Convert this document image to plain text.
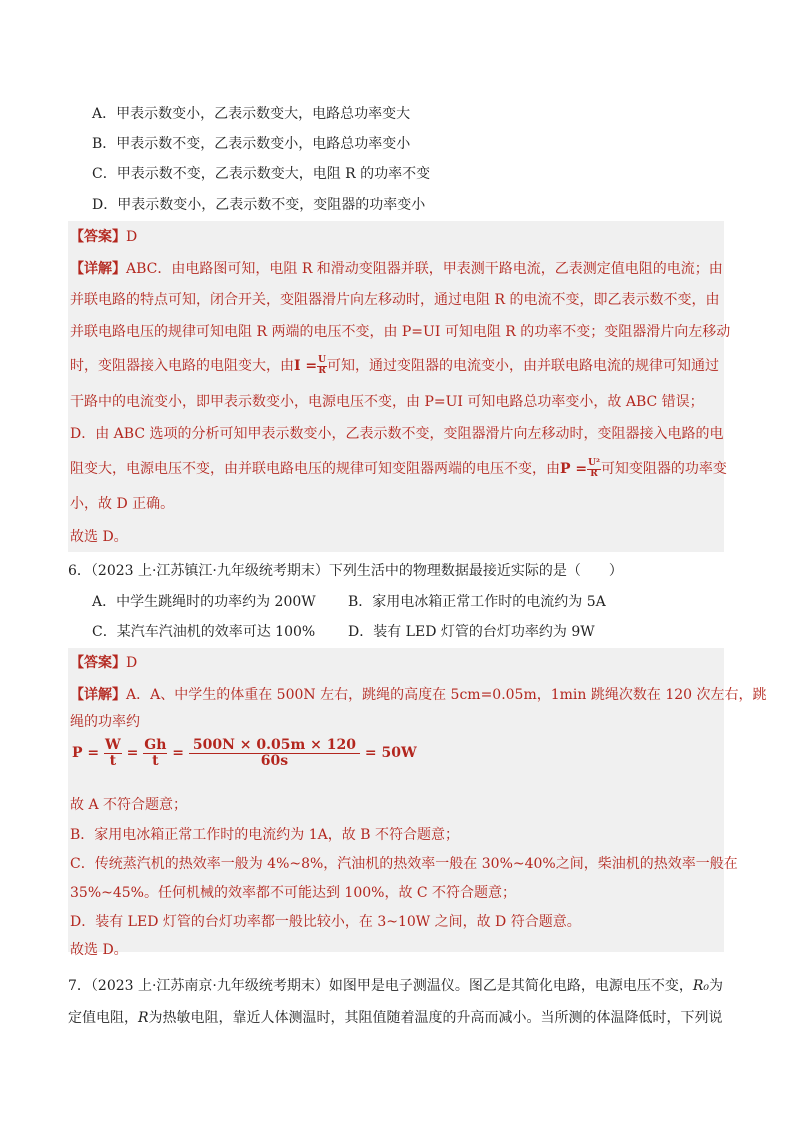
A．甲表示数变小，乙表示数变大，电路总功率变大
B．甲表示数不变，乙表示数变小，电路总功率变小
C．甲表示数不变，乙表示数变大，电阻 R 的功率不变
D．甲表示数变小，乙表示数不变，变阻器的功率变小
【答案】D
【详解】ABC．由电路图可知，电阻 R 和滑动变阻器并联，甲表测干路电流，乙表测定值电阻的电流；由
并联电路的特点可知，闭合开关，变阻器滑片向左移动时，通过电阻 R 的电流不变，即乙表示数不变，由
并联电路电压的规律可知电阻 R 两端的电压不变，由 P=UI 可知电阻 R 的功率不变；变阻器滑片向左移动
时，变阻器接入电路的电阻变大，由$I = \frac{U}{R}$ 可知，通过变阻器的电流变小，由并联电路电流的规律可知通过
干路中的电流变小，即甲表示数变小，电源电压不变，由 P=UI 可知电路总功率变小，故 ABC 错误；
D．由 ABC 选项的分析可知甲表示数变小，乙表示数不变，变阻器滑片向左移动时，变阻器接入电路的电
阻变大，电源电压不变，由并联电路电压的规律可知变阻器两端的电压不变，由$P = \frac{\text{U²}}{R}$ 可知变阻器的功率变
小，故 D 正确。
故选 D。
6．（2023 上·江苏镇江·九年级统考期末）下列生活中的物理数据最接近实际的是（　　）
A．中学生跳绳时的功率约为 200W B．家用电冰箱正常工作时的电流约为 5A
C．某汽车汽油机的效率可达 100% D．装有 LED 灯管的台灯功率约为 9W
【答案】D
【详解】A．A、中学生的体重在 500N 左右，跳绳的高度在 5cm=0.05m，1min 跳绳次数在 120 次左右，跳
绳的功率约
$P = \frac{W}{t} = \frac{Gh}{t} = \frac{500N \times 0.05m \times 120}{60s} = 50W$
故 A 不符合题意；
B．家用电冰箱正常工作时的电流约为 1A，故 B 不符合题意；
C．传统蒸汽机的热效率一般为 4%~8%，汽油机的热效率一般在 30%~40%之间，柴油机的热效率一般在
35%~45%。任何机械的效率都不可能达到 100%，故 C 不符合题意；
D．装有 LED 灯管的台灯功率都一般比较小，在 3~10W 之间，故 D 符合题意。
故选 D。
7．（2023 上·江苏南京·九年级统考期末）如图甲是电子测温仪。图乙是其简化电路，电源电压不变，R₀为
定值电阻，R为热敏电阻，靠近人体测温时，其阻值随着温度的升高而减小。当所测的体温降低时，下列说
